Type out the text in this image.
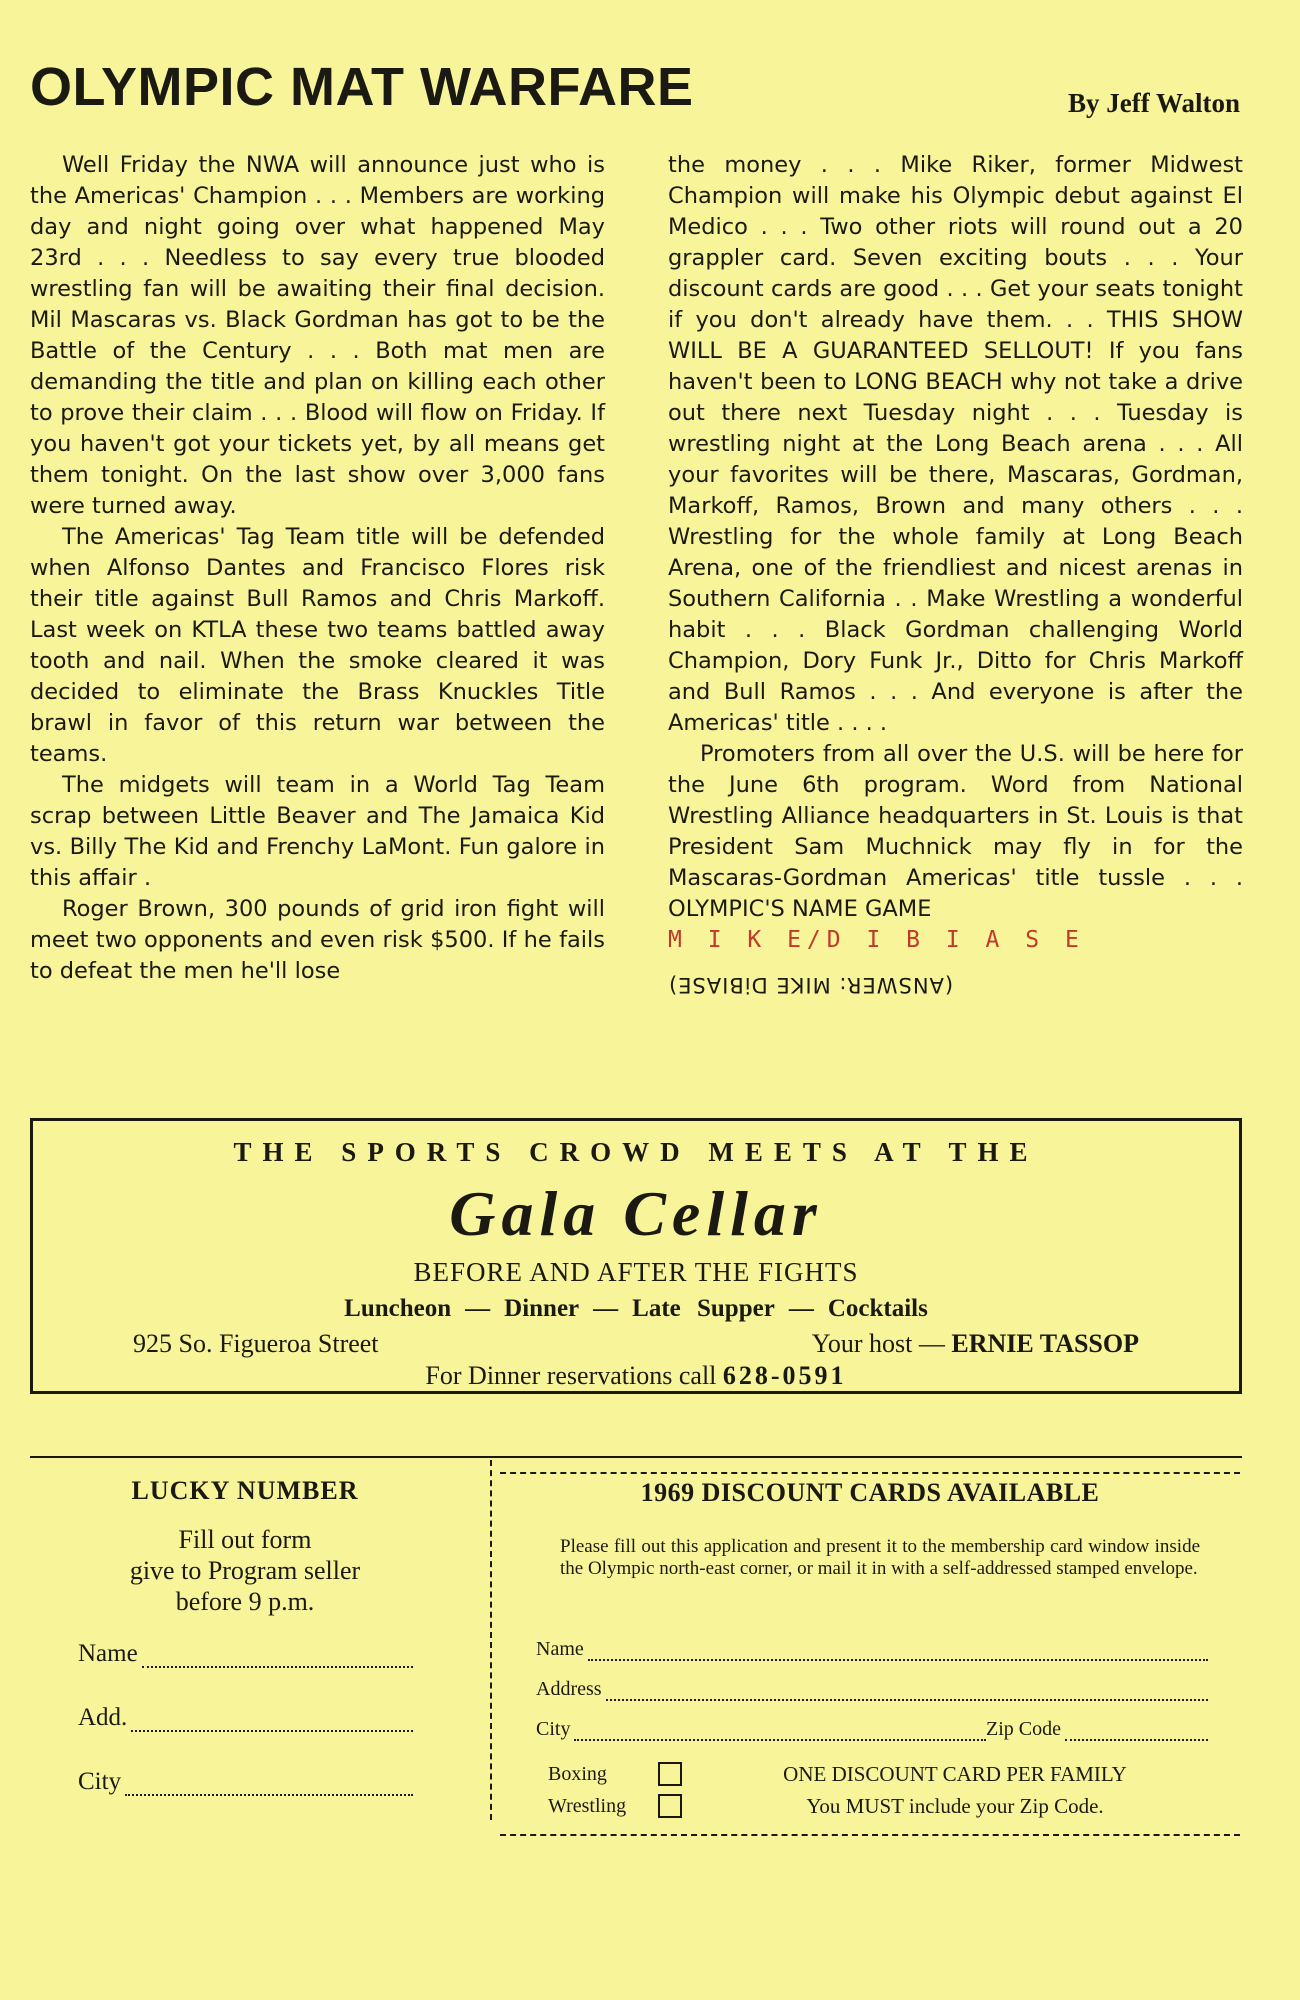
OLYMPIC MAT WARFARE	By Jeff Walton

Well Friday the NWA will announce just who is the Americas' Champion . . . Members are working day and night going over what happened May 23rd . . . Needless to say every true blooded wrestling fan will be awaiting their final decision. Mil Mascaras vs. Black Gordman has got to be the Battle of the Century . . . Both mat men are demanding the title and plan on killing each other to prove their claim . . . Blood will flow on Friday. If you haven't got your tickets yet, by all means get them tonight. On the last show over 3,000 fans were turned away.

The Americas' Tag Team title will be defended when Alfonso Dantes and Francisco Flores risk their title against Bull Ramos and Chris Markoff. Last week on KTLA these two teams battled away tooth and nail. When the smoke cleared it was decided to eliminate the Brass Knuckles Title brawl in favor of this return war between the teams.

The midgets will team in a World Tag Team scrap between Little Beaver and The Jamaica Kid vs. Billy The Kid and Frenchy LaMont. Fun galore in this affair .

Roger Brown, 300 pounds of grid iron fight will meet two opponents and even risk $500. If he fails to defeat the men he'll lose

the money . . . Mike Riker, former Midwest Champion will make his Olympic debut against El Medico . . . Two other riots will round out a 20 grappler card. Seven exciting bouts . . . Your discount cards are good . . . Get your seats tonight if you don't already have them. . . THIS SHOW WILL BE A GUARANTEED SELLOUT! If you fans haven't been to LONG BEACH why not take a drive out there next Tuesday night . . . Tuesday is wrestling night at the Long Beach arena . . . All your favorites will be there, Mascaras, Gordman, Markoff, Ramos, Brown and many others . . . Wrestling for the whole family at Long Beach Arena, one of the friendliest and nicest arenas in Southern California . . Make Wrestling a wonderful habit . . . Black Gordman challenging World Champion, Dory Funk Jr., Ditto for Chris Markoff and Bull Ramos . . . And everyone is after the Americas' title . . . .

Promoters from all over the U.S. will be here for the June 6th program. Word from National Wrestling Alliance headquarters in St. Louis is that President Sam Muchnick may fly in for the Mascaras-Gordman Americas' title tussle . . . OLYMPIC'S NAME GAME

M I K E/D I B I A S E
(ANSWER: MIKE DiBIASE)
THE SPORTS CROWD MEETS AT THE
Gala Cellar
BEFORE AND AFTER THE FIGHTS
Luncheon — Dinner — Late Supper — Cocktails
925 So. Figueroa Street	Your host — ERNIE TASSOP
For Dinner reservations call 628-0591
LUCKY NUMBER
Fill out form
give to Program seller
before 9 p.m.
Name
Add.
City
1969 DISCOUNT CARDS AVAILABLE
Please fill out this application and present it to the membership card window inside the Olympic north-east corner, or mail it in with a self-addressed stamped envelope.
Name
Address
City	Zip Code
Boxing
Wrestling
ONE DISCOUNT CARD PER FAMILY
You MUST include your Zip Code.
